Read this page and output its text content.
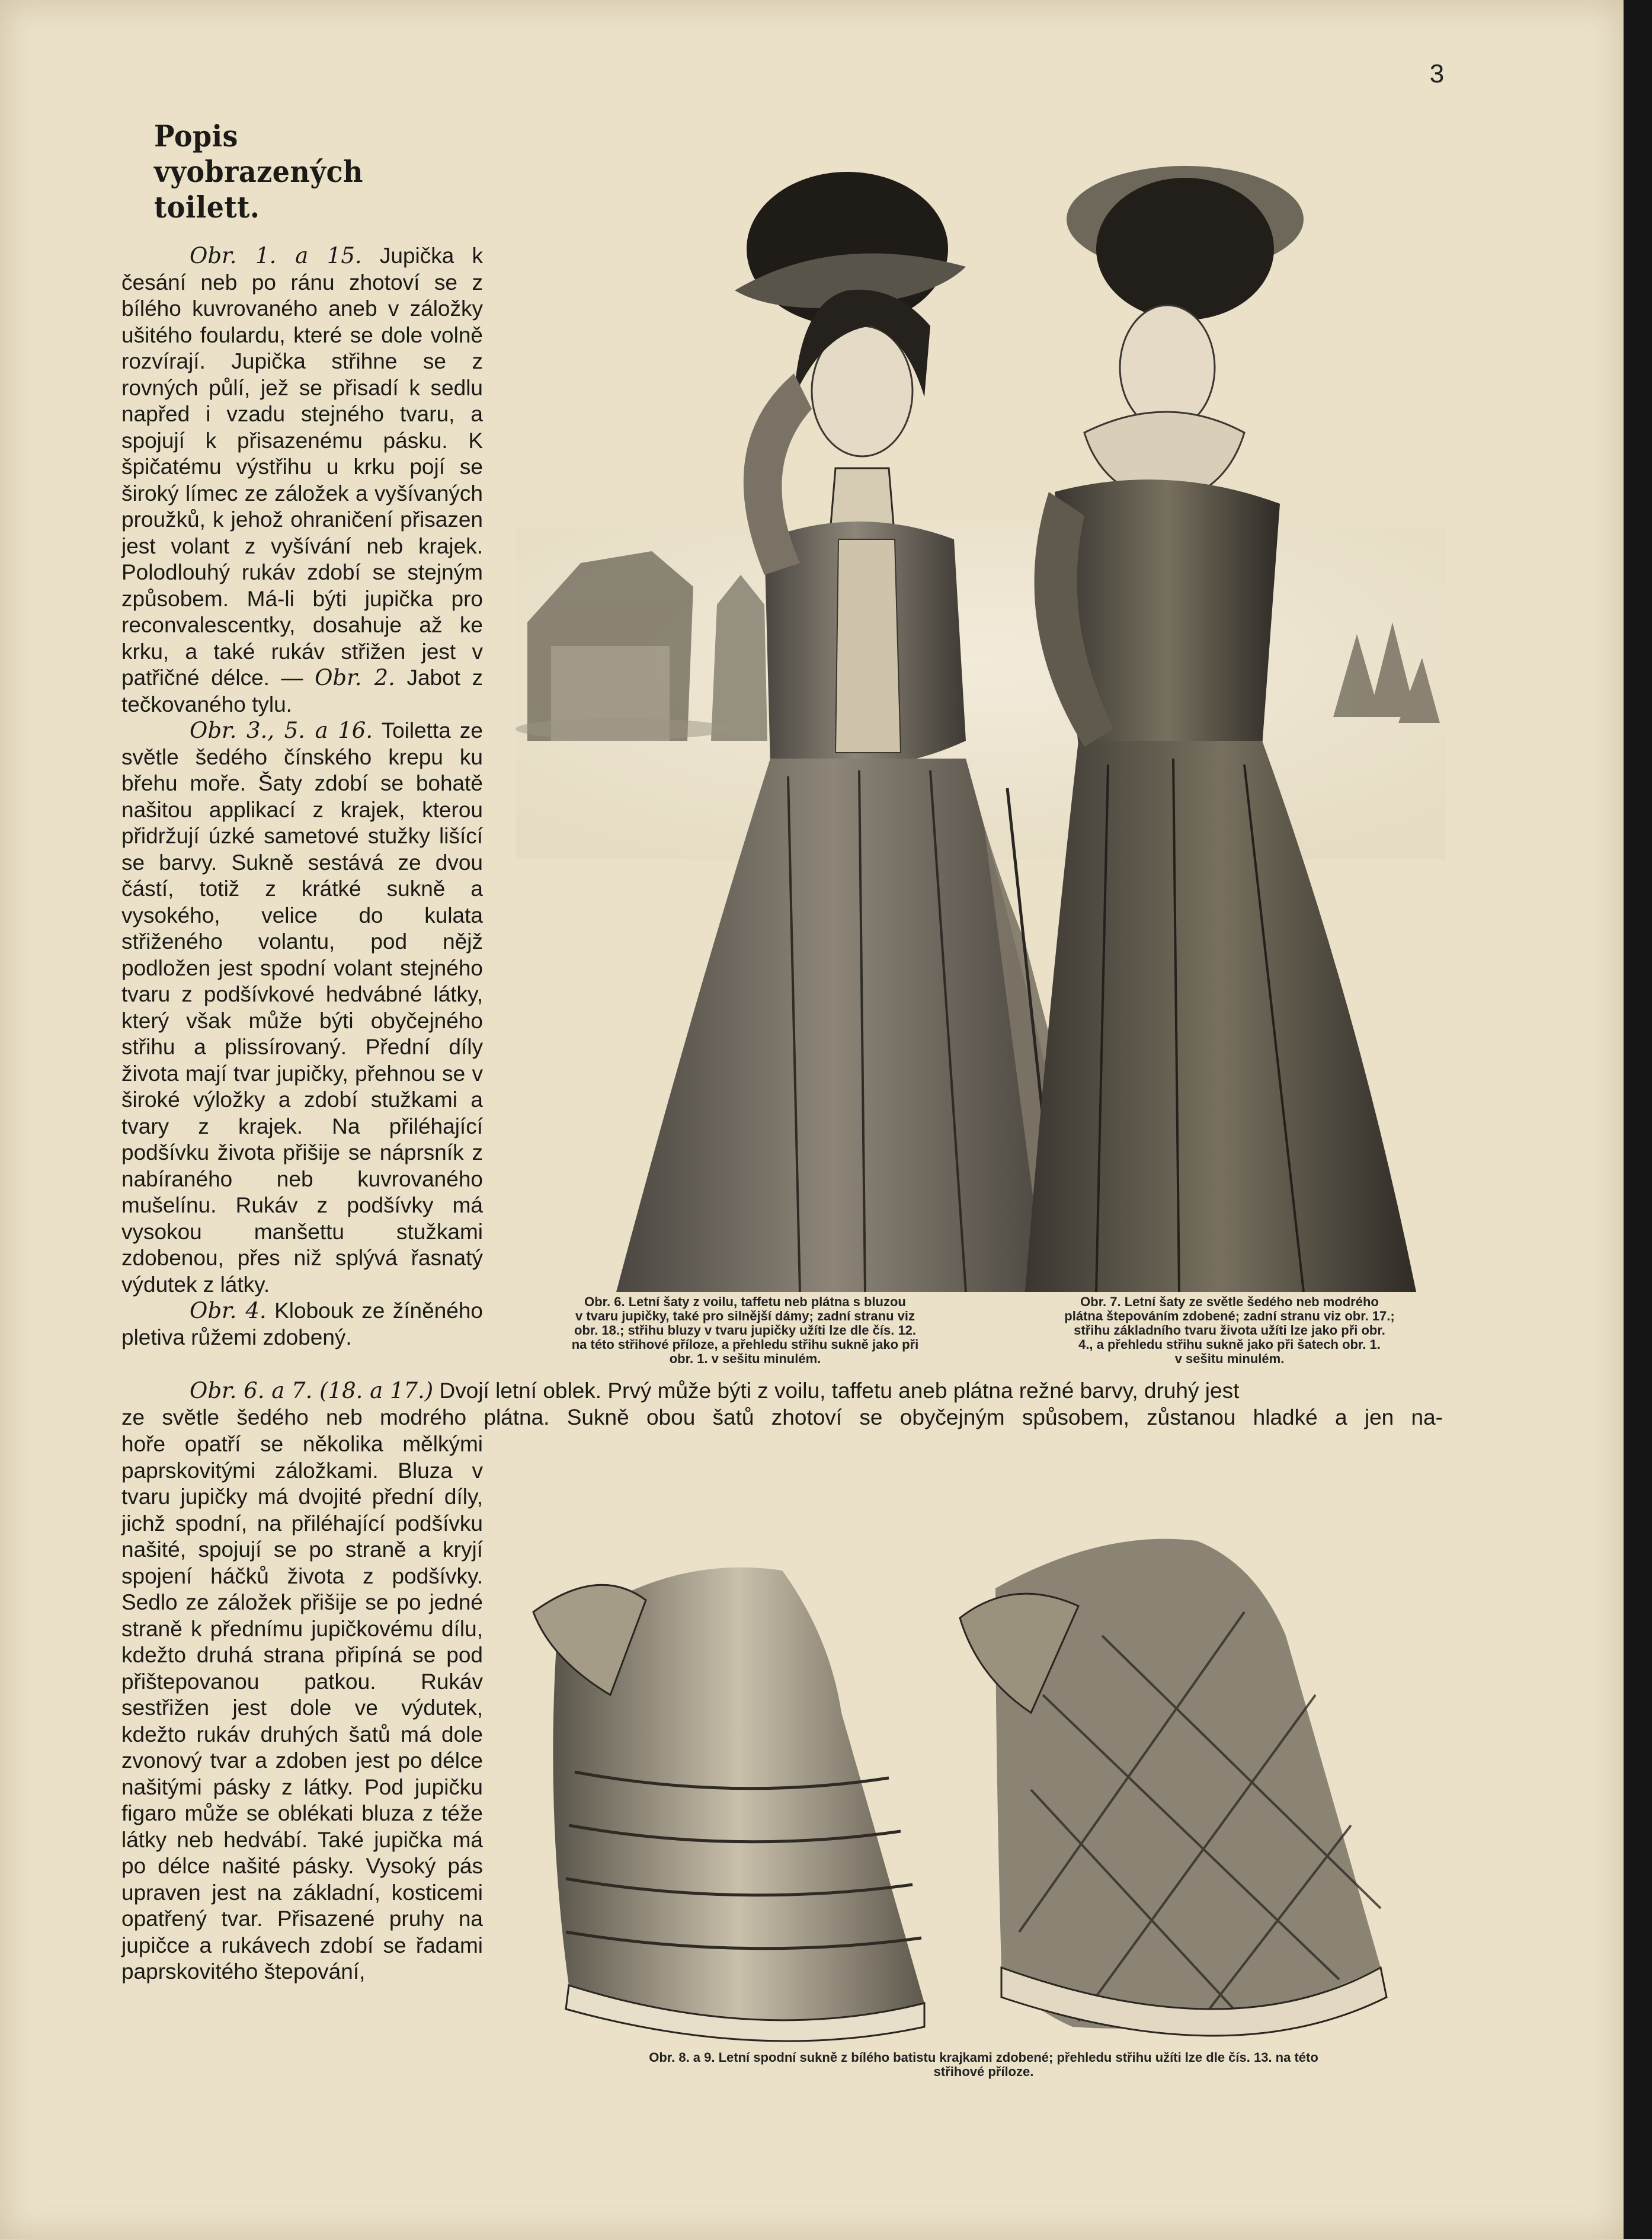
3
Popis vyobrazených toilett.

Obr. 1. a 15. Jupička k česání neb po ránu zhotoví se z bílého kuvrovaného aneb v záložky ušitého foulardu, které se dole volně rozvírají. Jupička střihne se z rovných půlí, jež se přisadí k sedlu napřed i vzadu stejného tvaru, a spojují k přisazenému pásku. K špičatému výstřihu u krku pojí se široký límec ze záložek a vyšívaných proužků, k jehož ohraničení přisazen jest volant z vyšívání neb krajek. Polodlouhý rukáv zdobí se stejným způsobem. Má-li býti jupička pro reconvalescentky, dosahuje až ke krku, a také rukáv střižen jest v patřičné délce. — Obr. 2. Jabot z tečkovaného tylu.

Obr. 3., 5. a 16. Toiletta ze světle šedého čínského krepu ku břehu moře. Šaty zdobí se bohatě našitou applikací z krajek, kterou přidržují úzké sametové stužky lišící se barvy. Sukně sestává ze dvou částí, totiž z krátké sukně a vysokého, velice do kulata střiženého volantu, pod nějž podložen jest spodní volant stejného tvaru z podšívkové hedvábné látky, který však může býti obyčejného střihu a plissírovaný. Přední díly života mají tvar jupičky, přehnou se v široké výložky a zdobí stužkami a tvary z krajek. Na přiléhající podšívku života přišije se náprsník z nabíraného neb kuvrovaného mušelínu. Rukáv z podšívky má vysokou manšettu stužkami zdobenou, přes niž splývá řasnatý výdutek z látky.

Obr. 4. Klobouk ze žíněného pletiva růžemi zdobený.

Obr. 6. Letní šaty z voilu, taffetu neb plátna s bluzou
v tvaru jupičky, také pro silnější dámy; zadní stranu viz
obr. 18.; střihu bluzy v tvaru jupičky užíti lze dle čís. 12.
na této střihové příloze, a přehledu střihu sukně jako při
obr. 1. v sešitu minulém.
Obr. 7. Letní šaty ze světle šedého neb modrého
plátna štepováním zdobené; zadní stranu viz obr. 17.;
střihu základního tvaru života užíti lze jako při obr.
4., a přehledu střihu sukně jako při šatech obr. 1.
v sešitu minulém.
Obr. 6. a 7. (18. a 17.) Dvojí letní oblek. Prvý může býti z voilu, taffetu aneb plátna režné barvy, druhý jest
ze světle šedého neb modrého plátna. Sukně obou šatů zhotoví se obyčejným spůsobem, zůstanou hladké a jen na-
hoře opatří se několika mělkými paprskovitými záložkami. Bluza v tvaru jupičky má dvojité přední díly, jichž spodní, na přiléhající podšívku našité, spojují se po straně a kryjí spojení háčků života z podšívky. Sedlo ze záložek přišije se po jedné straně k přednímu jupičkovému dílu, kdežto druhá strana připíná se pod přištepovanou patkou. Rukáv sestřižen jest dole ve výdutek, kdežto rukáv druhých šatů má dole zvonový tvar a zdoben jest po délce našitými pásky z látky. Pod jupičku figaro může se oblékati bluza z téže látky neb hedvábí. Také jupička má po délce našité pásky. Vysoký pás upraven jest na základní, kosticemi opatřený tvar. Přisazené pruhy na jupičce a rukávech zdobí se řadami paprskovitého štepování,
Obr. 8. a 9. Letní spodní sukně z bílého batistu krajkami zdobené; přehledu střihu užíti lze dle čís. 13. na této
střihové příloze.
